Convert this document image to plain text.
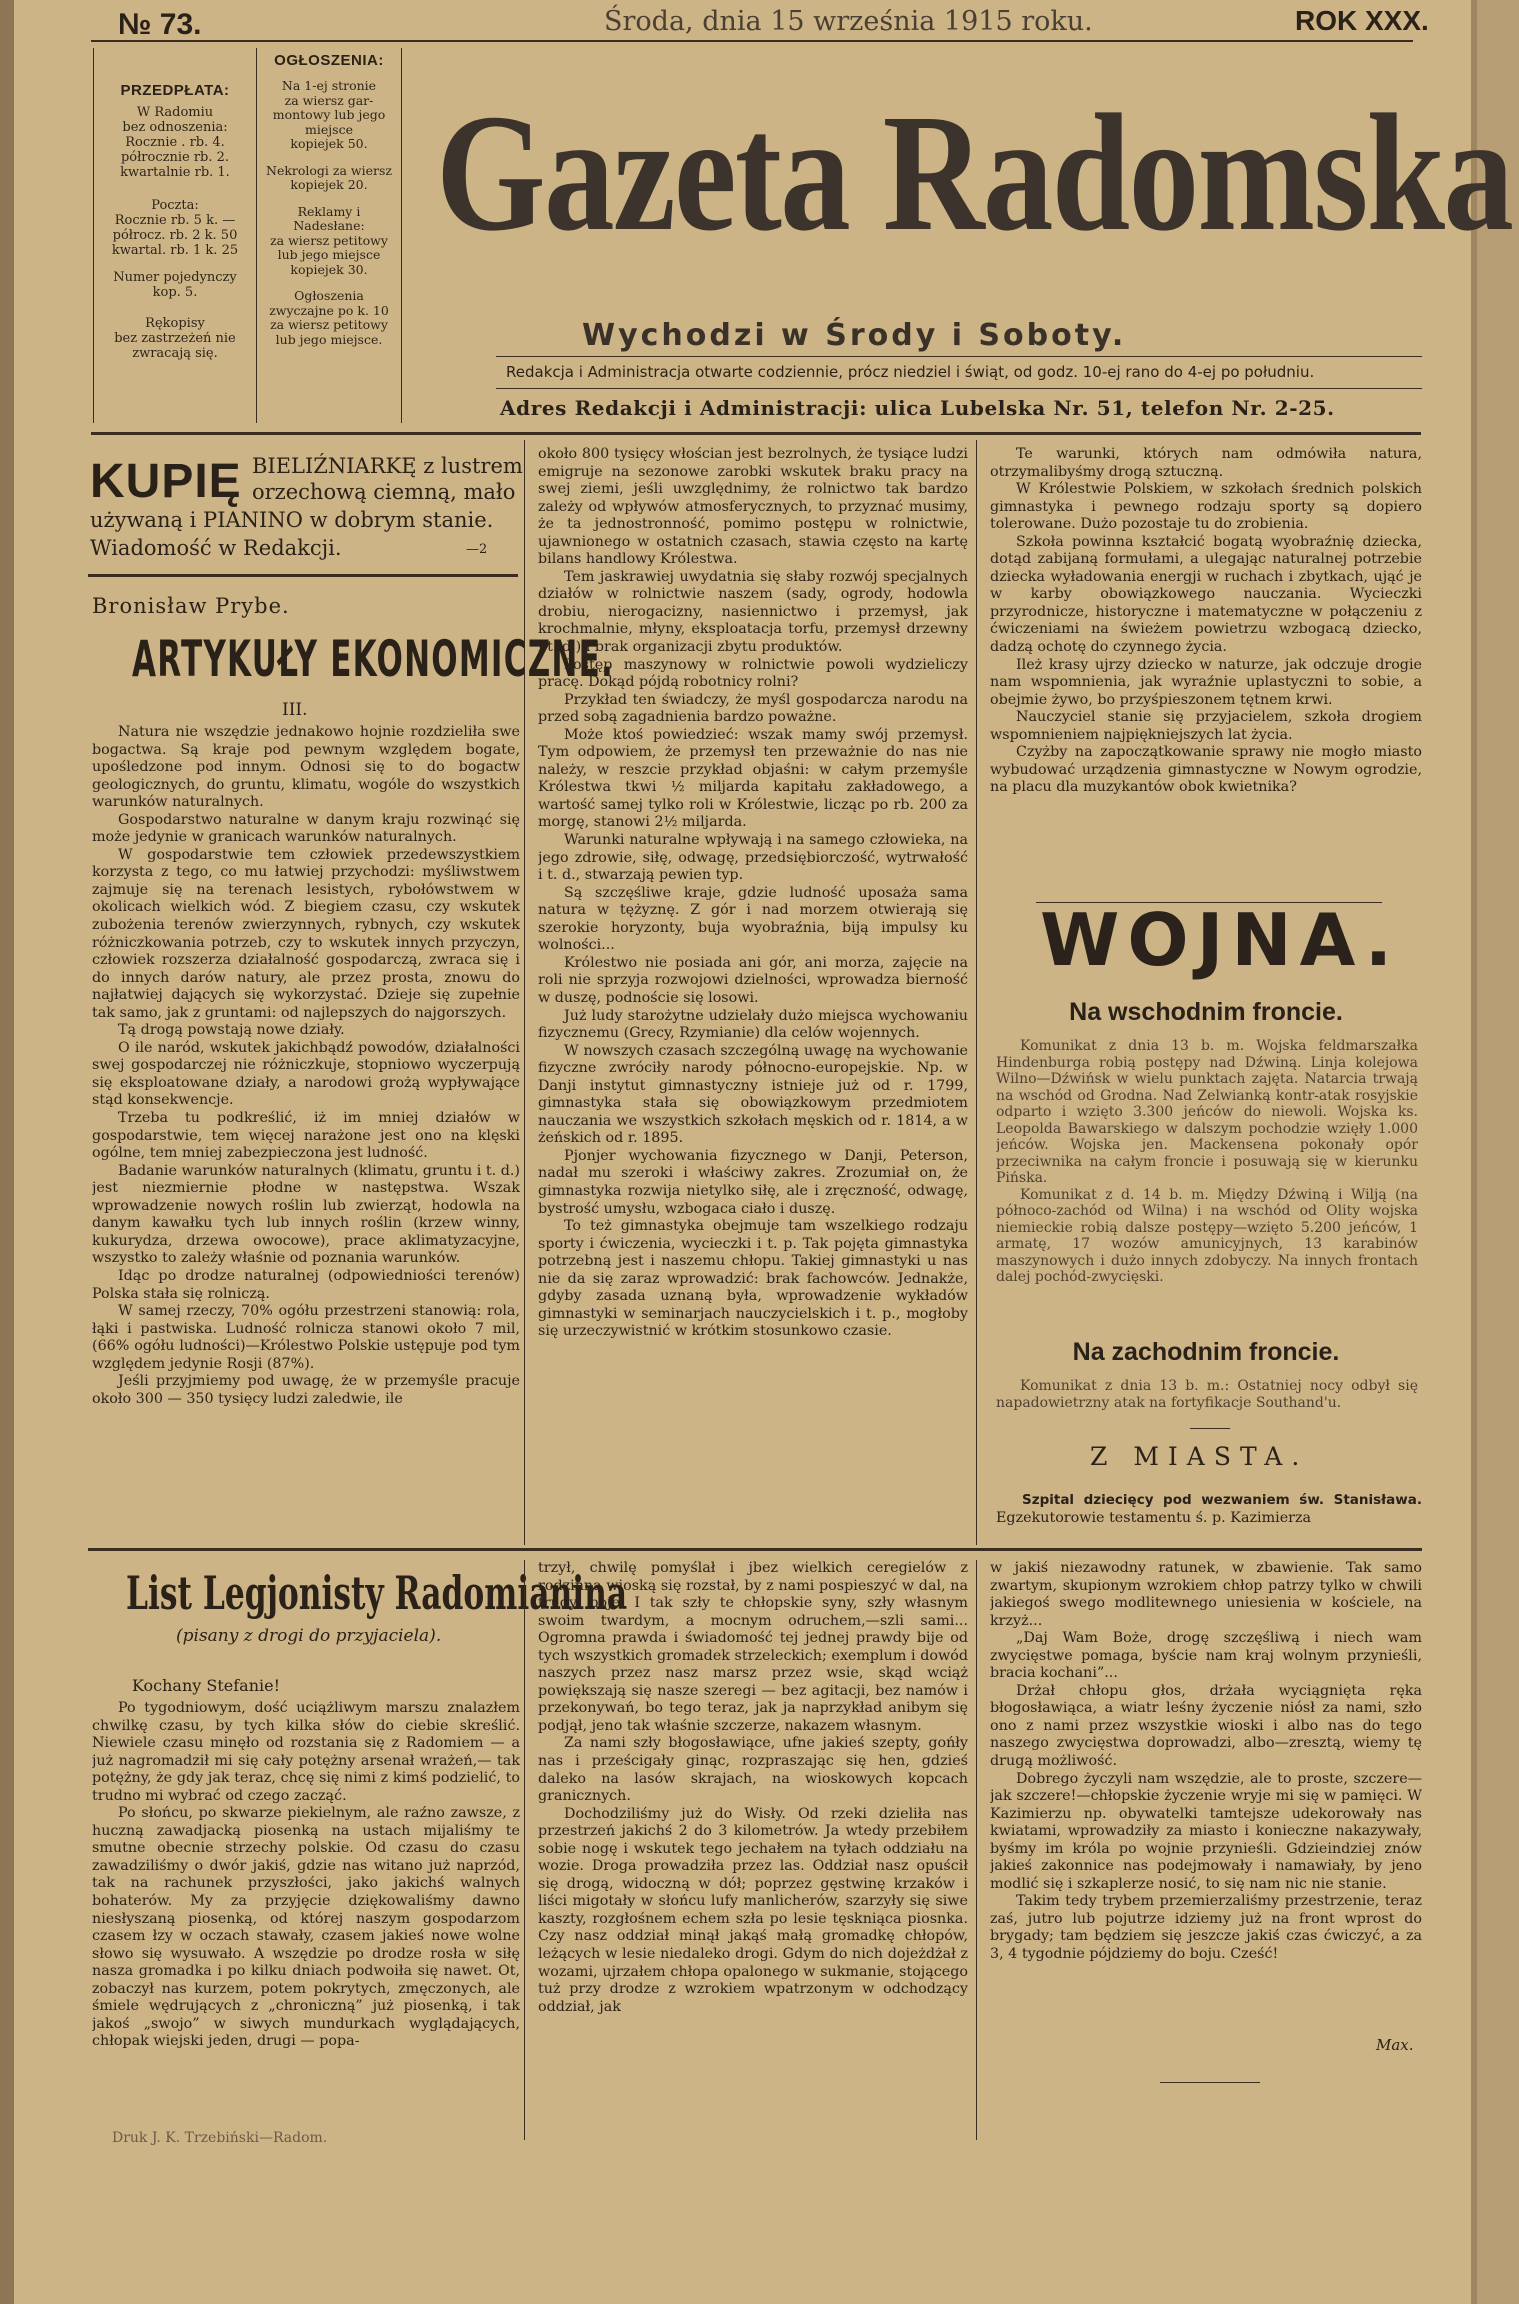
№ 73.	Środa, dnia 15 września 1915 roku.	ROK XXX.
PRZEDPŁATA:
W Radomiu
bez odnoszenia:
Rocznie . rb. 4.
półrocznie rb. 2.
kwartalnie rb. 1.
Poczta:
Rocznie rb. 5 k. —
półrocz. rb. 2 k. 50
kwartal. rb. 1 k. 25
Numer pojedynczy
kop. 5.
Rękopisy
bez zastrzeżeń nie
zwracają się.
OGŁOSZENIA:
Na 1-ej stronie
za wiersz gar-
montowy lub jego
miejsce
kopiejek 50.
Nekrologi za wiersz
kopiejek 20.
Reklamy i Nadesłane:
za wiersz petitowy
lub jego miejsce
kopiejek 30.
Ogłoszenia
zwyczajne po k. 10
za wiersz petitowy
lub jego miejsce.
Gazeta Radomska
Wychodzi w Środy i Soboty.
Redakcja i Administracja otwarte codziennie, prócz niedziel i świąt, od godz. 10-ej rano do 4-ej po południu.
Adres Redakcji i Administracji: ulica Lubelska Nr. 51, telefon Nr. 2-25.
KUPIĘ BIELIŹNIARKĘ z lustrem
orzechową ciemną, mało
używaną i PIANINO w dobrym stanie.
Wiadomość w Redakcji.	—2
Bronisław Prybe.
ARTYKUŁY EKONOMICZNE.
III.

Natura nie wszędzie jednakowo hojnie rozdzieliła swe bogactwa. Są kraje pod pewnym względem bogate, upośledzone pod innym. Odnosi się to do bogactw geologicznych, do gruntu, klimatu, wogóle do wszystkich warunków naturalnych.

Gospodarstwo naturalne w danym kraju rozwinąć się może jedynie w granicach warunków naturalnych.

W gospodarstwie tem człowiek przedewszystkiem korzysta z tego, co mu łatwiej przychodzi: myśliwstwem zajmuje się na terenach lesistych, rybołówstwem w okolicach wielkich wód. Z biegiem czasu, czy wskutek zubożenia terenów zwierzynnych, rybnych, czy wskutek różniczkowania potrzeb, czy to wskutek innych przyczyn, człowiek rozszerza działalność gospodarczą, zwraca się i do innych darów natury, ale przez prosta, znowu do najłatwiej dających się wykorzystać. Dzieje się zupełnie tak samo, jak z gruntami: od najlepszych do najgorszych.

Tą drogą powstają nowe działy.

O ile naród, wskutek jakichbądź powodów, działalności swej gospodarczej nie różniczkuje, stopniowo wyczerpują się eksploatowane działy, a narodowi grożą wypływające stąd konsekwencje.

Trzeba tu podkreślić, iż im mniej działów w gospodarstwie, tem więcej narażone jest ono na klęski ogólne, tem mniej zabezpieczona jest ludność.

Badanie warunków naturalnych (klimatu, gruntu i t. d.) jest niezmiernie płodne w następstwa. Wszak wprowadzenie nowych roślin lub zwierząt, hodowla na danym kawałku tych lub innych roślin (krzew winny, kukurydza, drzewa owocowe), prace aklimatyzacyjne, wszystko to zależy właśnie od poznania warunków.

Idąc po drodze naturalnej (odpowiedniości terenów) Polska stała się rolniczą.

W samej rzeczy, 70% ogółu przestrzeni stanowią: rola, łąki i pastwiska. Ludność rolnicza stanowi około 7 mil, (66% ogółu ludności)—Królestwo Polskie ustępuje pod tym względem jedynie Rosji (87%).

Jeśli przyjmiemy pod uwagę, że w przemyśle pracuje około 300 — 350 tysięcy ludzi zaledwie, ile

około 800 tysięcy włościan jest bezrolnych, że tysiące ludzi emigruje na sezonowe zarobki wskutek braku pracy na swej ziemi, jeśli uwzględnimy, że rolnictwo tak bardzo zależy od wpływów atmosferycznych, to przyznać musimy, że ta jednostronność, pomimo postępu w rolnictwie, ujawnionego w ostatnich czasach, stawia często na kartę bilans handlowy Królestwa.

Tem jaskrawiej uwydatnia się słaby rozwój specjalnych działów w rolnictwie naszem (sady, ogrody, hodowla drobiu, nierogacizny, nasiennictwo i przemysł, jak krochmalnie, młyny, eksploatacja torfu, przemysł drzewny i t. d.) i brak organizacji zbytu produktów.

Postęp maszynowy w rolnictwie powoli wydzieliczy pracę. Dokąd pójdą robotnicy rolni?

Przykład ten świadczy, że myśl gospodarcza narodu na przed sobą zagadnienia bardzo poważne.

Może ktoś powiedzieć: wszak mamy swój przemysł. Tym odpowiem, że przemysł ten przeważnie do nas nie należy, w reszcie przykład objaśni: w całym przemyśle Królestwa tkwi ½ miljarda kapitału zakładowego, a wartość samej tylko roli w Królestwie, licząc po rb. 200 za morgę, stanowi 2½ miljarda.

Warunki naturalne wpływają i na samego człowieka, na jego zdrowie, siłę, odwagę, przedsiębiorczość, wytrwałość i t. d., stwarzają pewien typ.

Są szczęśliwe kraje, gdzie ludność uposaża sama natura w tężyznę. Z gór i nad morzem otwierają się szerokie horyzonty, buja wyobraźnia, biją impulsy ku wolności...

Królestwo nie posiada ani gór, ani morza, zajęcie na roli nie sprzyja rozwojowi dzielności, wprowadza bierność w duszę, podnoście się losowi.

Już ludy starożytne udzielały dużo miejsca wychowaniu fizycznemu (Grecy, Rzymianie) dla celów wojennych.

W nowszych czasach szczególną uwagę na wychowanie fizyczne zwróciły narody północno-europejskie. Np. w Danji instytut gimnastyczny istnieje już od r. 1799, gimnastyka stała się obowiązkowym przedmiotem nauczania we wszystkich szkołach męskich od r. 1814, a w żeńskich od r. 1895.

Pjonjer wychowania fizycznego w Danji, Peterson, nadał mu szeroki i właściwy zakres. Zrozumiał on, że gimnastyka rozwija nietylko siłę, ale i zręczność, odwagę, bystrość umysłu, wzbogaca ciało i duszę.

To też gimnastyka obejmuje tam wszelkiego rodzaju sporty i ćwiczenia, wycieczki i t. p. Tak pojęta gimnastyka potrzebną jest i naszemu chłopu. Takiej gimnastyki u nas nie da się zaraz wprowadzić: brak fachowców. Jednakże, gdyby zasada uznaną była, wprowadzenie wykładów gimnastyki w seminarjach nauczycielskich i t. p., mogłoby się urzeczywistnić w krótkim stosunkowo czasie.

Te warunki, których nam odmówiła natura, otrzymalibyśmy drogą sztuczną.

W Królestwie Polskiem, w szkołach średnich polskich gimnastyka i pewnego rodzaju sporty są dopiero tolerowane. Dużo pozostaje tu do zrobienia.

Szkoła powinna kształcić bogatą wyobraźnię dziecka, dotąd zabijaną formułami, a ulegając naturalnej potrzebie dziecka wyładowania energji w ruchach i zbytkach, ująć je w karby obowiązkowego nauczania. Wycieczki przyrodnicze, historyczne i matematyczne w połączeniu z ćwiczeniami na świeżem powietrzu wzbogacą dziecko, dadzą ochotę do czynnego życia.

Ileż krasy ujrzy dziecko w naturze, jak odczuje drogie nam wspomnienia, jak wyraźnie uplastyczni to sobie, a obejmie żywo, bo przyśpieszonem tętnem krwi.

Nauczyciel stanie się przyjacielem, szkoła drogiem wspomnieniem najpiękniejszych lat życia.

Czyżby na zapoczątkowanie sprawy nie mogło miasto wybudować urządzenia gimnastyczne w Nowym ogrodzie, na placu dla muzykantów obok kwietnika?

WOJNA.
Na wschodnim froncie.

Komunikat z dnia 13 b. m. Wojska feldmarszałka Hindenburga robią postępy nad Dźwiną. Linja kolejowa Wilno—Dźwińsk w wielu punktach zajęta. Natarcia trwają na wschód od Grodna. Nad Zelwianką kontr-atak rosyjskie odparto i wzięto 3.300 jeńców do niewoli. Wojska ks. Leopolda Bawarskiego w dalszym pochodzie wzięły 1.000 jeńców. Wojska jen. Mackensena pokonały opór przeciwnika na całym froncie i posuwają się w kierunku Pińska.

Komunikat z d. 14 b. m. Między Dźwiną i Wilją (na północo-zachód od Wilna) i na wschód od Olity wojska niemieckie robią dalsze postępy—wzięto 5.200 jeńców, 1 armatę, 17 wozów amunicyjnych, 13 karabinów maszynowych i dużo innych zdobyczy. Na innych frontach dalej pochód-zwycięski.

Na zachodnim froncie.

Komunikat z dnia 13 b. m.: Ostatniej nocy odbył się napadowietrzny atak na fortyfikacje Southand'u.

Z MIASTA.

Szpital dziecięcy pod wezwaniem św. Stanisława. Egzekutorowie testamentu ś. p. Kazimierza

List Legjonisty Radomianina
(pisany z drogi do przyjaciela).
Kochany Stefanie!

Po tygodniowym, dość uciążliwym marszu znalazłem chwilkę czasu, by tych kilka słów do ciebie skreślić. Niewiele czasu minęło od rozstania się z Radomiem — a już nagromadził mi się cały potężny arsenał wrażeń,— tak potężny, że gdy jak teraz, chcę się nimi z kimś podzielić, to trudno mi wybrać od czego zacząć.

Po słońcu, po skwarze piekielnym, ale raźno zawsze, z huczną zawadjacką piosenką na ustach mijaliśmy te smutne obecnie strzechy polskie. Od czasu do czasu zawadziliśmy o dwór jakiś, gdzie nas witano już naprzód, tak na rachunek przyszłości, jako jakichś walnych bohaterów. My za przyjęcie dziękowaliśmy dawno niesłyszaną piosenką, od której naszym gospodarzom czasem łzy w oczach stawały, czasem jakieś nowe wolne słowo się wysuwało. A wszędzie po drodze rosła w siłę nasza gromadka i po kilku dniach podwoiła się nawet. Ot, zobaczył nas kurzem, potem pokrytych, zmęczonych, ale śmiele wędrujących z „chroniczną” już piosenką, i tak jakoś „swojo” w siwych mundurkach wyglądających, chłopak wiejski jeden, drugi — popa-

trzył, chwilę pomyślał i jbez wielkich ceregielów z rodzinną wioską się rozstał, by z nami pospieszyć w dal, na trudy, boje. I tak szły te chłopskie syny, szły własnym swoim twardym, a mocnym odruchem,—szli sami... Ogromna prawda i świadomość tej jednej prawdy bije od tych wszystkich gromadek strzeleckich; exemplum i dowód naszych przez nasz marsz przez wsie, skąd wciąż powiększają się nasze szeregi — bez agitacji, bez namów i przekonywań, bo tego teraz, jak ja naprzykład anibym się podjął, jeno tak właśnie szczerze, nakazem własnym.

Za nami szły błogosławiące, ufne jakieś szepty, gońły nas i prześcigały ginąc, rozpraszając się hen, gdzieś daleko na lasów skrajach, na wioskowych kopcach granicznych.

Dochodziliśmy już do Wisły. Od rzeki dzieliła nas przestrzeń jakichś 2 do 3 kilometrów. Ja wtedy przebiłem sobie nogę i wskutek tego jechałem na tyłach oddziału na wozie. Droga prowadziła przez las. Oddział nasz opuścił się drogą, widoczną w dół; poprzez gęstwinę krzaków i liści migotały w słońcu lufy manlicherów, szarzyły się siwe kaszty, rozgłośnem echem szła po lesie tęskniąca piosnka. Czy nasz oddział minął jakąś małą gromadkę chłopów, leżących w lesie niedaleko drogi. Gdym do nich dojeżdżał z wozami, ujrzałem chłopa opalonego w sukmanie, stojącego tuż przy drodze z wzrokiem wpatrzonym w odchodzący oddział, jak

w jakiś niezawodny ratunek, w zbawienie. Tak samo zwartym, skupionym wzrokiem chłop patrzy tylko w chwili jakiegoś swego modlitewnego uniesienia w kościele, na krzyż...

„Daj Wam Boże, drogę szczęśliwą i niech wam zwycięstwe pomaga, byście nam kraj wolnym przynieśli, bracia kochani”...

Drżał chłopu głos, drżała wyciągnięta ręka błogosławiąca, a wiatr leśny życzenie niósł za nami, szło ono z nami przez wszystkie wioski i albo nas do tego naszego zwycięstwa doprowadzi, albo—zresztą, wiemy tę drugą możliwość.

Dobrego życzyli nam wszędzie, ale to proste, szczere—jak szczere!—chłopskie życzenie wryje mi się w pamięci. W Kazimierzu np. obywatelki tamtejsze udekorowały nas kwiatami, wprowadziły za miasto i konieczne nakazywały, byśmy im króla po wojnie przynieśli. Gdzieindziej znów jakieś zakonnice nas podejmowały i namawiały, by jeno modlić się i szkaplerze nosić, to się nam nic nie stanie.

Takim tedy trybem przemierzaliśmy przestrzenie, teraz zaś, jutro lub pojutrze idziemy już na front wprost do brygady; tam będziem się jeszcze jakiś czas ćwiczyć, a za 3, 4 tygodnie pójdziemy do boju. Cześć!

Max.
Druk J. K. Trzebiński—Radom.
